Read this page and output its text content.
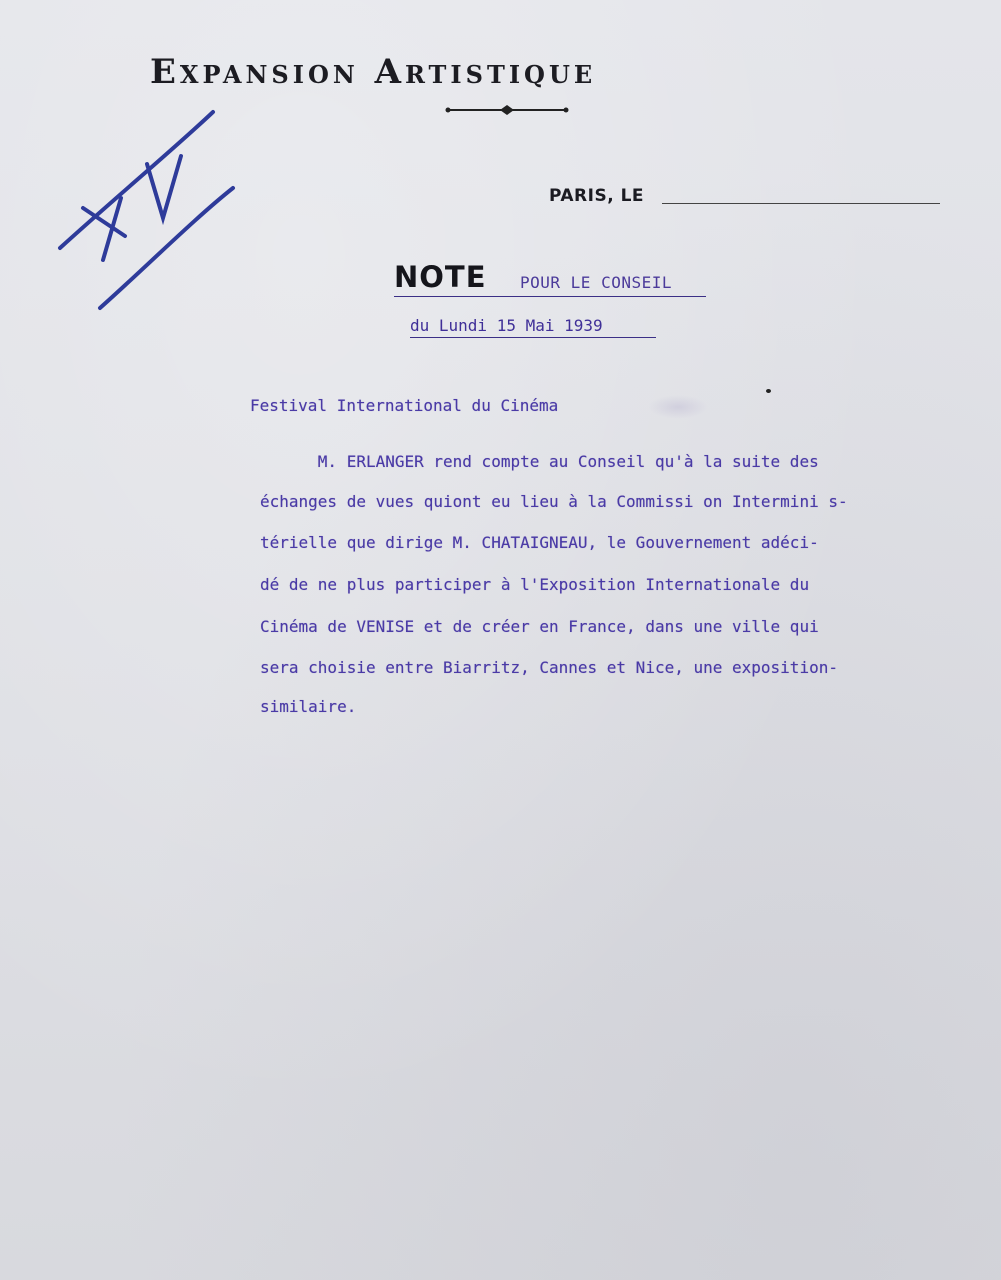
Expansion Artistique
PARIS, LE
NOTE POUR LE CONSEIL
du Lundi 15 Mai 1939
Festival International du Cinéma
M. ERLANGER rend compte au Conseil qu'à la suite des
échanges de vues quiont eu lieu à la Commissi on Intermini s-
térielle que dirige M. CHATAIGNEAU, le Gouvernement adéci-
dé de ne plus participer à l'Exposition Internationale du
Cinéma de VENISE et de créer en France, dans une ville qui
sera choisie entre Biarritz, Cannes et Nice, une exposition-
similaire.
